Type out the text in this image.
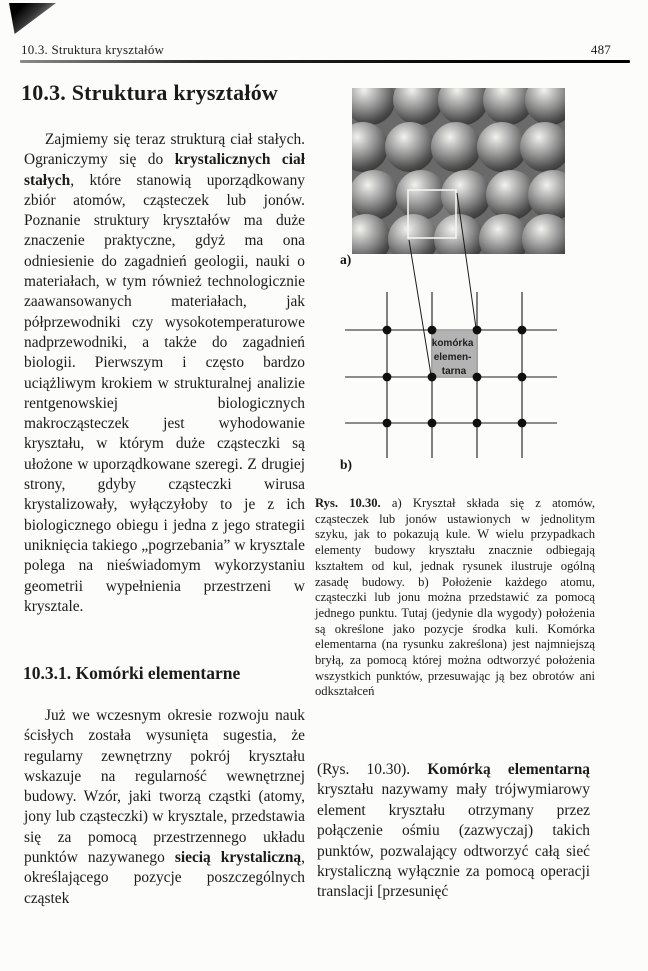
10.3. Struktura kryształów	487
10.3. Struktura kryształów
Zajmiemy się teraz strukturą ciał stałych. Ograniczymy się do krystalicznych ciał stałych, które stanowią uporządkowany zbiór atomów, cząsteczek lub jonów. Poznanie struktury kryształów ma duże znaczenie praktyczne, gdyż ma ona odniesienie do zagadnień geologii, nauki o materiałach, w tym również technologicznie zaawansowanych materiałach, jak półprzewodniki czy wysokotemperaturowe nadprzewodniki, a także do zagadnień biologii. Pierwszym i często bardzo uciążliwym krokiem w strukturalnej analizie rentgenowskiej biologicznych makrocząsteczek jest wyhodowanie kryształu, w którym duże cząsteczki są ułożone w uporządkowane szeregi. Z drugiej strony, gdyby cząsteczki wirusa krystalizowały, wyłączyłoby to je z ich biologicznego obiegu i jedna z jego strategii uniknięcia takiego „pogrzebania” w krysztale polega na nieświadomym wykorzystaniu geometrii wypełnienia przestrzeni w krysztale.
10.3.1. Komórki elementarne
Już we wczesnym okresie rozwoju nauk ścisłych została wysunięta sugestia, że regularny zewnętrzny pokrój kryształu wskazuje na regularność wewnętrznej budowy. Wzór, jaki tworzą cząstki (atomy, jony lub cząsteczki) w krysztale, przedstawia się za pomocą przestrzennego układu punktów nazywanego siecią krystaliczną, określającego pozycje poszczególnych cząstek
a)
komórka elemen- tarna
b)
Rys. 10.30. a) Kryształ składa się z atomów, cząsteczek lub jonów ustawionych w jednolitym szyku, jak to pokazują kule. W wielu przypadkach elementy budowy kryształu znacznie odbiegają kształtem od kul, jednak rysunek ilustruje ogólną zasadę budowy. b) Położenie każdego atomu, cząsteczki lub jonu można przedstawić za pomocą jednego punktu. Tutaj (jedynie dla wygody) położenia są określone jako pozycje środka kuli. Komórka elementarna (na rysunku zakreślona) jest najmniejszą bryłą, za pomocą której można odtworzyć położenia wszystkich punktów, przesuwając ją bez obrotów ani odkształceń
(Rys. 10.30). Komórką elementarną kryształu nazywamy mały trójwymiarowy element kryształu otrzymany przez połączenie ośmiu (zazwyczaj) takich punktów, pozwalający odtworzyć całą sieć krystaliczną wyłącznie za pomocą operacji translacji [przesunięć
